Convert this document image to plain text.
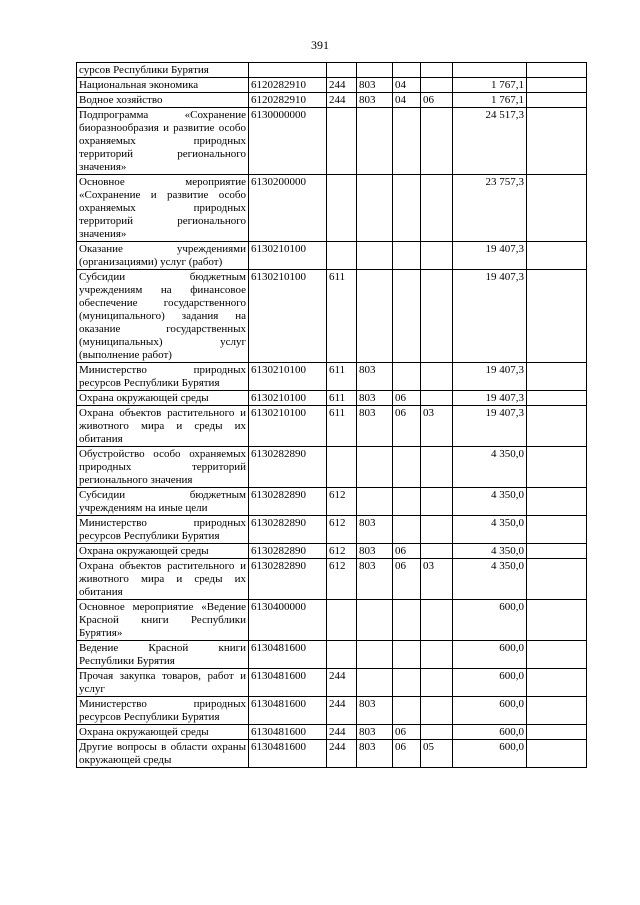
391
сурсов Республики Бурятия							
Национальная экономика	6120282910	244	803	04		1 767,1	
Водное хозяйство	6120282910	244	803	04	06	1 767,1	
Подпрограмма «Сохранение биоразнообразия и развитие особо охраняемых природных территорий регионального значения»	6130000000					24 517,3	
Основное мероприятие «Сохранение и развитие особо охраняемых природных территорий регионального значения»	6130200000					23 757,3	
Оказание учреждениями (организациями) услуг (работ)	6130210100					19 407,3	
Субсидии бюджетным учреждениям на финансовое обеспечение государственного (муниципального) задания на оказание государственных (муниципальных) услуг (выполнение работ)	6130210100	611				19 407,3	
Министерство природных ресурсов Республики Бурятия	6130210100	611	803			19 407,3	
Охрана окружающей среды	6130210100	611	803	06		19 407,3	
Охрана объектов растительного и животного мира и среды их обитания	6130210100	611	803	06	03	19 407,3	
Обустройство особо охраняемых природных территорий регионального значения	6130282890					4 350,0	
Субсидии бюджетным учреждениям на иные цели	6130282890	612				4 350,0	
Министерство природных ресурсов Республики Бурятия	6130282890	612	803			4 350,0	
Охрана окружающей среды	6130282890	612	803	06		4 350,0	
Охрана объектов растительного и животного мира и среды их обитания	6130282890	612	803	06	03	4 350,0	
Основное мероприятие «Ведение Красной книги Республики Бурятия»	6130400000					600,0	
Ведение Красной книги Республики Бурятия	6130481600					600,0	
Прочая закупка товаров, работ и услуг	6130481600	244				600,0	
Министерство природных ресурсов Республики Бурятия	6130481600	244	803			600,0	
Охрана окружающей среды	6130481600	244	803	06		600,0	
Другие вопросы в области охраны окружающей среды	6130481600	244	803	06	05	600,0	
